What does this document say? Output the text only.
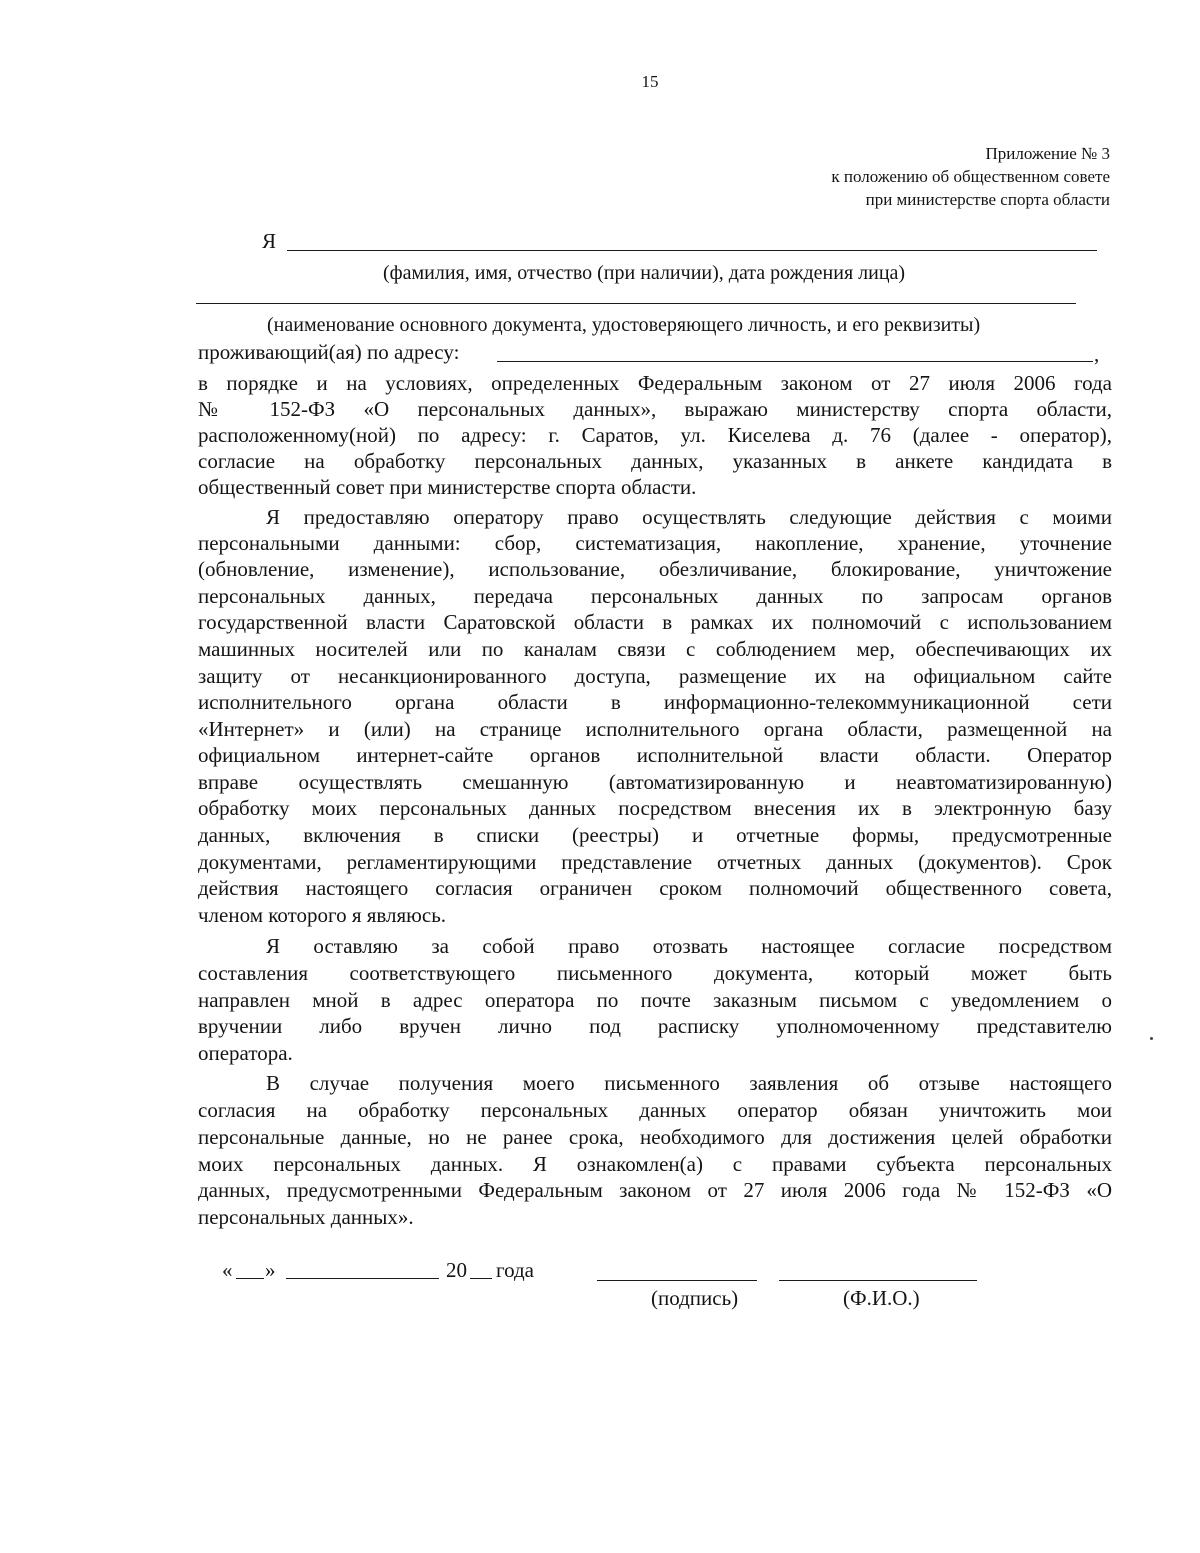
15
Приложение № 3
к положению об общественном совете
при министерстве спорта области
Я
(фамилия, имя, отчество (при наличии), дата рождения лица)
(наименование основного документа, удостоверяющего личность, и его реквизиты)
проживающий(ая) по адресу:	,
в порядке и на условиях, определенных Федеральным законом от 27 июля 2006 года
№ 152-ФЗ «О персональных данных», выражаю министерству спорта области,
расположенному(ной) по адресу: г. Саратов, ул. Киселева д. 76 (далее - оператор),
согласие на обработку персональных данных, указанных в анкете кандидата в
общественный совет при министерстве спорта области.
Я предоставляю оператору право осуществлять следующие действия с моими
персональными данными: сбор, систематизация, накопление, хранение, уточнение
(обновление, изменение), использование, обезличивание, блокирование, уничтожение
персональных данных, передача персональных данных по запросам органов
государственной власти Саратовской области в рамках их полномочий с использованием
машинных носителей или по каналам связи с соблюдением мер, обеспечивающих их
защиту от несанкционированного доступа, размещение их на официальном сайте
исполнительного органа области в информационно-телекоммуникационной сети
«Интернет» и (или) на странице исполнительного органа области, размещенной на
официальном интернет-сайте органов исполнительной власти области. Оператор
вправе осуществлять смешанную (автоматизированную и неавтоматизированную)
обработку моих персональных данных посредством внесения их в электронную базу
данных, включения в списки (реестры) и отчетные формы, предусмотренные
документами, регламентирующими представление отчетных данных (документов). Срок
действия настоящего согласия ограничен сроком полномочий общественного совета,
членом которого я являюсь.
Я оставляю за собой право отозвать настоящее согласие посредством
составления соответствующего письменного документа, который может быть
направлен мной в адрес оператора по почте заказным письмом с уведомлением о
вручении либо вручен лично под расписку уполномоченному представителю
оператора.
В случае получения моего письменного заявления об отзыве настоящего
согласия на обработку персональных данных оператор обязан уничтожить мои
персональные данные, но не ранее срока, необходимого для достижения целей обработки
моих персональных данных. Я ознакомлен(а) с правами субъекта персональных
данных, предусмотренными Федеральным законом от 27 июля 2006 года № 152-ФЗ «О
персональных данных».
« »	20 года
(подпись)	(Ф.И.О.)
